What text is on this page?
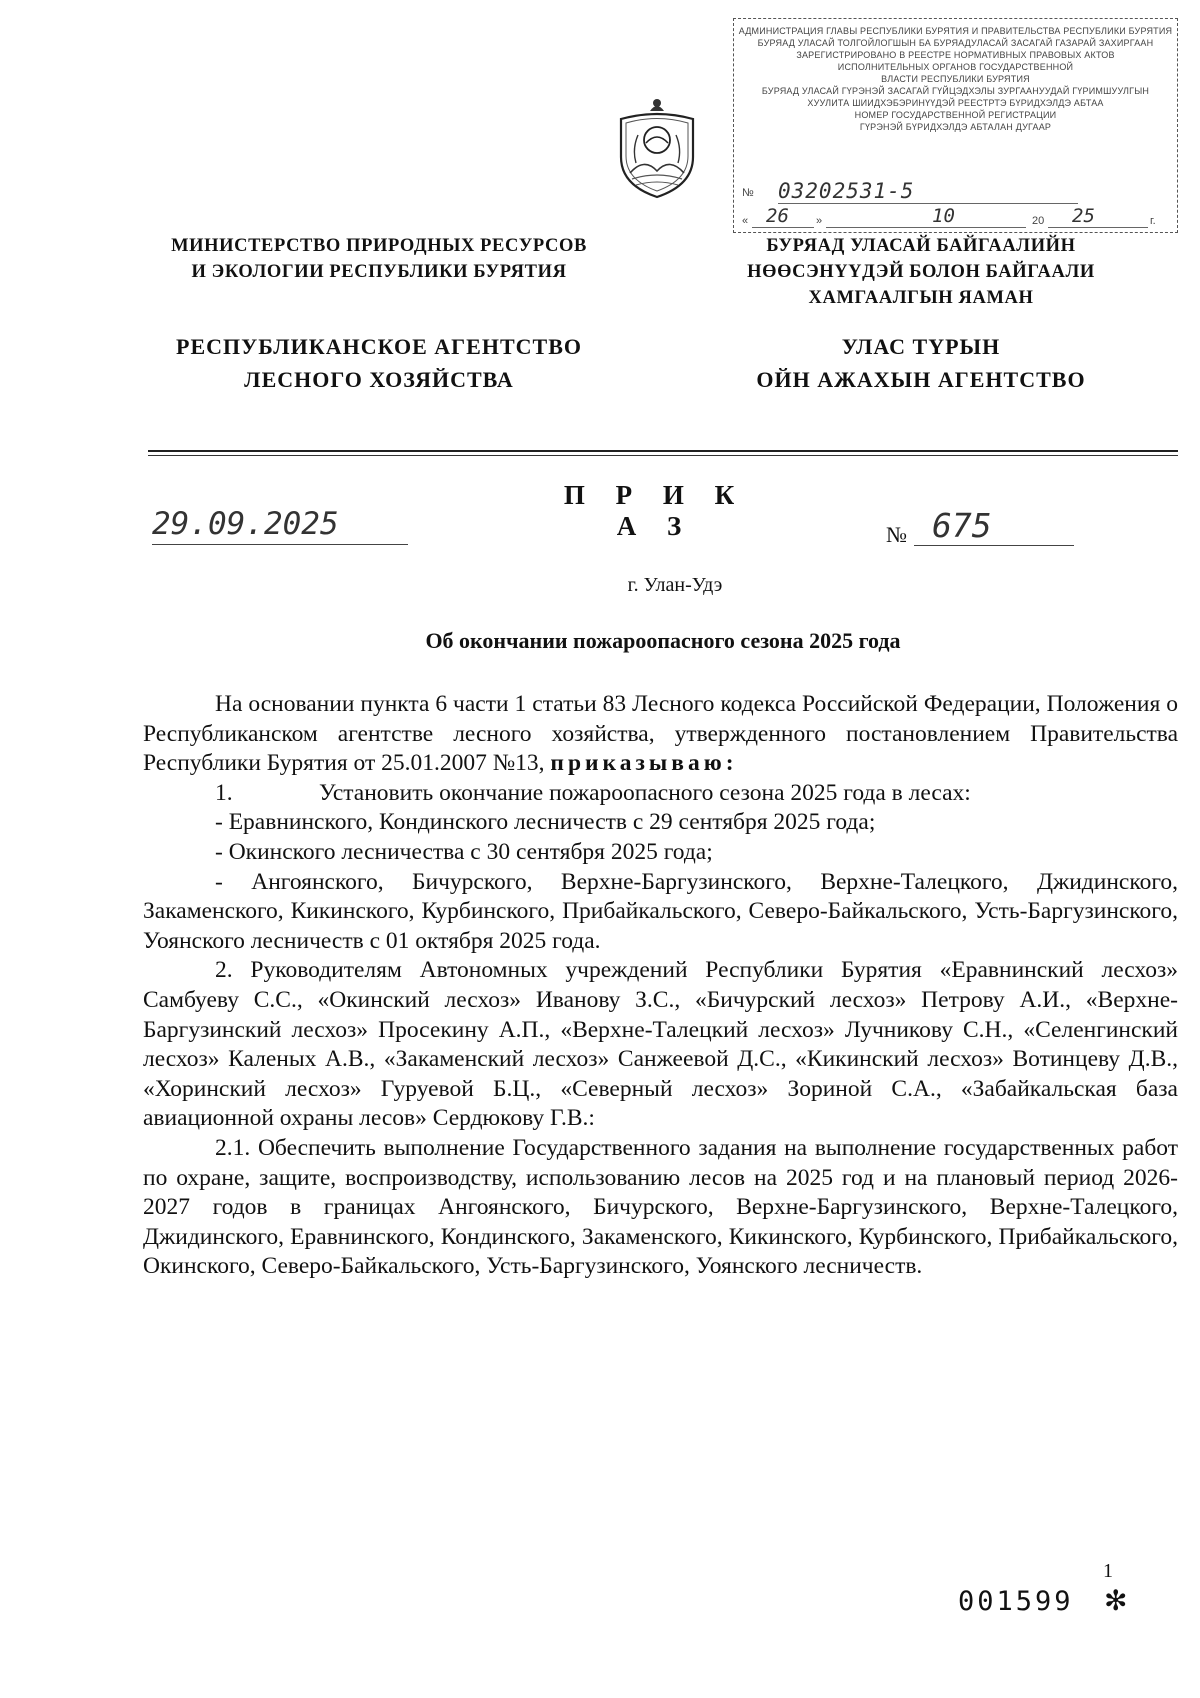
АДМИНИСТРАЦИЯ ГЛАВЫ РЕСПУБЛИКИ БУРЯТИЯ И ПРАВИТЕЛЬСТВА РЕСПУБЛИКИ БУРЯТИЯ
БУРЯАД УЛАСАЙ ТОЛГОЙЛОГШЫН БА БУРЯАДУЛАСАЙ ЗАСАГАЙ ГАЗАРАЙ ЗАХИРГААН
ЗАРЕГИСТРИРОВАНО В РЕЕСТРЕ НОРМАТИВНЫХ ПРАВОВЫХ АКТОВ
ИСПОЛНИТЕЛЬНЫХ ОРГАНОВ ГОСУДАРСТВЕННОЙ
ВЛАСТИ РЕСПУБЛИКИ БУРЯТИЯ
БУРЯАД УЛАСАЙ ГҮРЭНЭЙ ЗАСАГАЙ ГҮЙЦЭДХЭЛЫ ЗУРГААНУУДАЙ ГҮРИМШУУЛГЫН
ХУУЛИТА ШИИДХЭБЭРИНҮҮДЭЙ РЕЕСТРТЭ БҮРИДХЭЛДЭ АБТАА
НОМЕР ГОСУДАРСТВЕННОЙ РЕГИСТРАЦИИ
ГҮРЭНЭЙ БҮРИДХЭЛДЭ АБТАЛАН ДУГААР
№ 03202531-5
« 26 »	10	20 25	г.
МИНИСТЕРСТВО ПРИРОДНЫХ РЕСУРСОВ
И ЭКОЛОГИИ РЕСПУБЛИКИ БУРЯТИЯ
БУРЯАД УЛАСАЙ БАЙГААЛИЙН
НӨӨСЭНҮҮДЭЙ БОЛОН БАЙГААЛИ
ХАМГААЛГЫН ЯАМАН
РЕСПУБЛИКАНСКОЕ АГЕНТСТВО
ЛЕСНОГО ХОЗЯЙСТВА
УЛАС ТҮРЫН
ОЙН АЖАХЫН АГЕНТСТВО
П Р И К А З
29.09.2025	№ 675
г. Улан-Удэ
Об окончании пожароопасного сезона 2025 года

На основании пункта 6 части 1 статьи 83 Лесного кодекса Российской Федерации, Положения о Республиканском агентстве лесного хозяйства, утвержденного постановлением Правительства Республики Бурятия от 25.01.2007 №13, приказываю:

1.	Установить окончание пожароопасного сезона 2025 года в лесах:

- Еравнинского, Кондинского лесничеств с 29 сентября 2025 года;

- Окинского лесничества с 30 сентября 2025 года;

- Ангоянского, Бичурского, Верхне-Баргузинского, Верхне-Талецкого, Джидинского, Закаменского, Кикинского, Курбинского, Прибайкальского, Северо-Байкальского, Усть-Баргузинского, Уоянского лесничеств с 01 октября 2025 года.

2. Руководителям Автономных учреждений Республики Бурятия «Еравнинский лесхоз» Самбуеву С.С., «Окинский лесхоз» Иванову З.С., «Бичурский лесхоз» Петрову А.И., «Верхне-Баргузинский лесхоз» Просекину А.П., «Верхне-Талецкий лесхоз» Лучникову С.Н., «Селенгинский лесхоз» Каленых А.В., «Закаменский лесхоз» Санжеевой Д.С., «Кикинский лесхоз» Вотинцеву Д.В., «Хоринский лесхоз» Гуруевой Б.Ц., «Северный лесхоз» Зориной С.А., «Забайкальская база авиационной охраны лесов» Сердюкову Г.В.:

2.1. Обеспечить выполнение Государственного задания на выполнение государственных работ по охране, защите, воспроизводству, использованию лесов на 2025 год и на плановый период 2026-2027 годов в границах Ангоянского, Бичурского, Верхне-Баргузинского, Верхне-Талецкого, Джидинского, Еравнинского, Кондинского, Закаменского, Кикинского, Курбинского, Прибайкальского, Окинского, Северо-Байкальского, Усть-Баргузинского, Уоянского лесничеств.

1
001599 ✻
